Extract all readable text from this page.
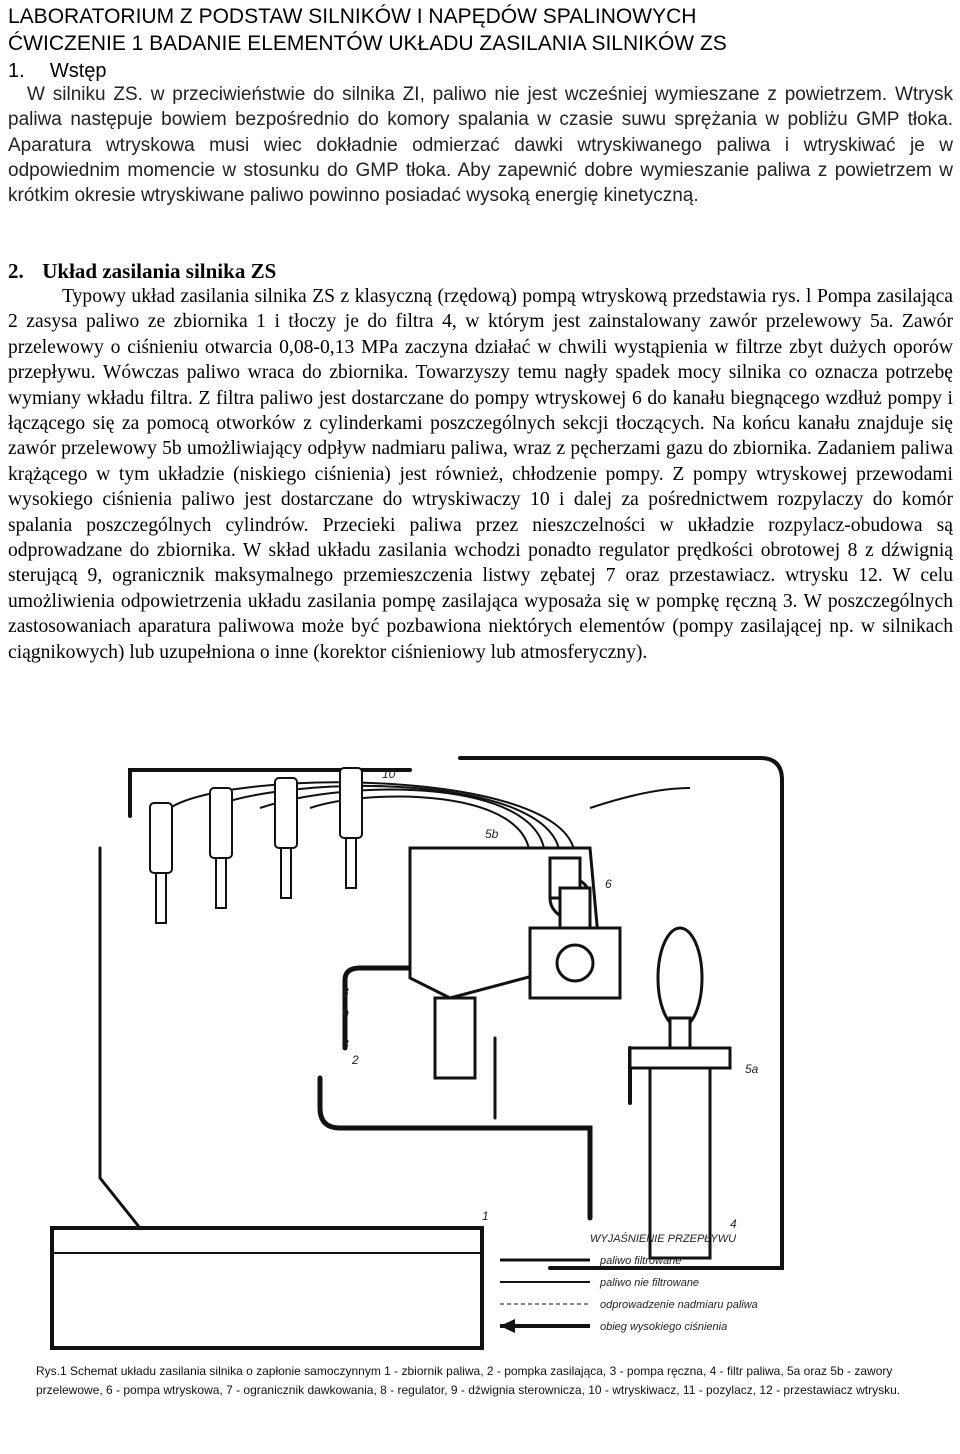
LABORATORIUM Z PODSTAW SILNIKÓW I NAPĘDÓW SPALINOWYCH
ĆWICZENIE 1 BADANIE ELEMENTÓW UKŁADU ZASILANIA SILNIKÓW ZS
1. Wstęp
W silniku ZS. w przeciwieństwie do silnika ZI, paliwo nie jest wcześniej wymieszane z powietrzem. Wtrysk paliwa następuje bowiem bezpośrednio do komory spalania w czasie suwu sprężania w pobliżu GMP tłoka. Aparatura wtryskowa musi wiec dokładnie odmierzać dawki wtryskiwanego paliwa i wtryskiwać je w odpowiednim momencie w stosunku do GMP tłoka. Aby zapewnić dobre wymieszanie paliwa z powietrzem w krótkim okresie wtryskiwane paliwo powinno posiadać wysoką energię kinetyczną.
2. Układ zasilania silnika ZS
Typowy układ zasilania silnika ZS z klasyczną (rzędową) pompą wtryskową przedstawia rys. l Pompa zasilająca 2 zasysa paliwo ze zbiornika 1 i tłoczy je do filtra 4, w którym jest zainstalowany zawór przelewowy 5a. Zawór przelewowy o ciśnieniu otwarcia 0,08-0,13 MPa zaczyna działać w chwili wystąpienia w filtrze zbyt dużych oporów przepływu. Wówczas paliwo wraca do zbiornika. Towarzyszy temu nagły spadek mocy silnika co oznacza potrzebę wymiany wkładu filtra. Z filtra paliwo jest dostarczane do pompy wtryskowej 6 do kanału biegnącego wzdłuż pompy i łączącego się za pomocą otworków z cylinderkami poszczególnych sekcji tłoczących. Na końcu kanału znajduje się zawór przelewowy 5b umożliwiający odpływ nadmiaru paliwa, wraz z pęcherzami gazu do zbiornika. Zadaniem paliwa krążącego w tym układzie (niskiego ciśnienia) jest również, chłodzenie pompy. Z pompy wtryskowej przewodami wysokiego ciśnienia paliwo jest dostarczane do wtryskiwaczy 10 i dalej za pośrednictwem rozpylaczy do komór spalania poszczególnych cylindrów. Przecieki paliwa przez nieszczelności w układzie rozpylacz-obudowa są odprowadzane do zbiornika. W skład układu zasilania wchodzi ponadto regulator prędkości obrotowej 8 z dźwignią sterującą 9, ogranicznik maksymalnego przemieszczenia listwy zębatej 7 oraz przestawiacz. wtrysku 12. W celu umożliwienia odpowietrzenia układu zasilania pompę zasilająca wyposaża się w pompkę ręczną 3. W poszczególnych zastosowaniach aparatura paliwowa może być pozbawiona niektórych elementów (pompy zasilającej np. w silnikach ciągnikowych) lub uzupełniona o inne (korektor ciśnieniowy lub atmosferyczny).
WYJAŚNIENIE PRZEPŁYWU
paliwo filtrowane
paliwo nie filtrowane
odprowadzenie nadmiaru paliwa
obieg wysokiego ciśnienia
10
5b
6
8
9
3
2
5a
4
1
Rys.1 Schemat układu zasilania silnika o zapłonie samoczynnym 1 - zbiornik paliwa, 2 - pompka zasilająca, 3 - pompa ręczna, 4 - filtr paliwa, 5a oraz 5b - zawory przelewowe, 6 - pompa wtryskowa, 7 - ogranicznik dawkowania, 8 - regulator, 9 - dźwignia sterownicza, 10 - wtryskiwacz, 11 - pozylacz, 12 - przestawiacz wtrysku.
